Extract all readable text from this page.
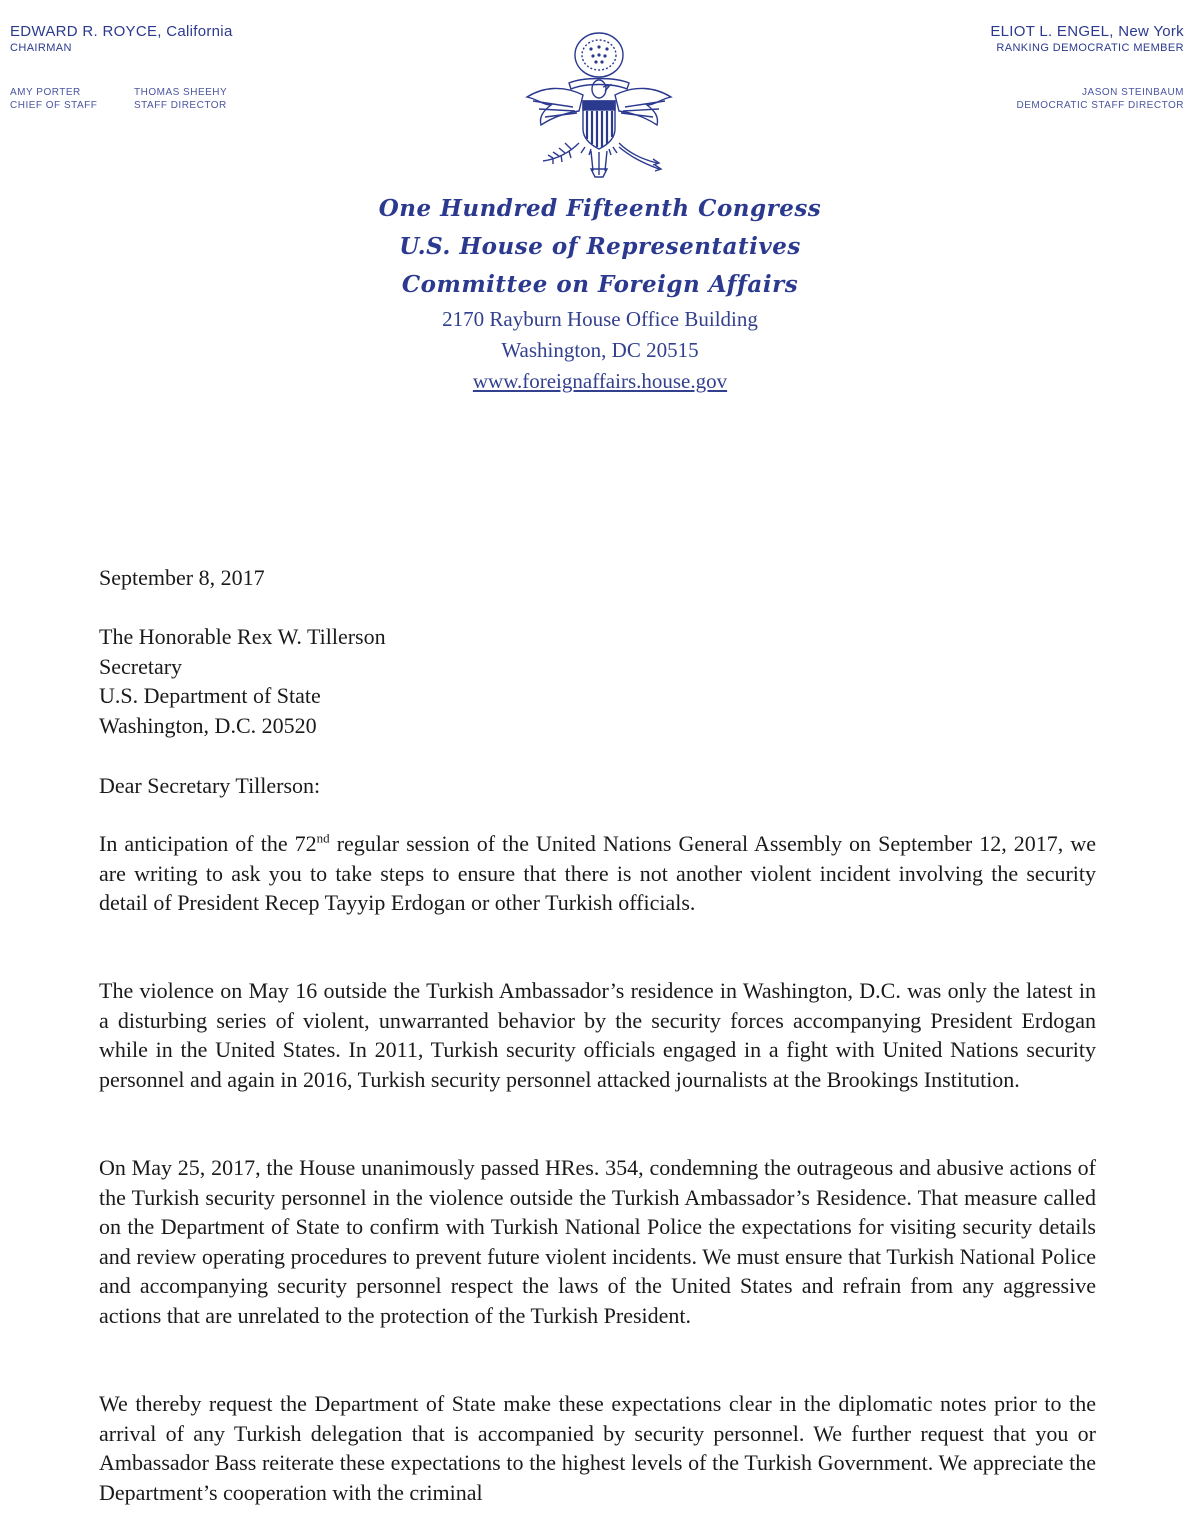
EDWARD R. ROYCE, California
CHAIRMAN
ELIOT L. ENGEL, New York
RANKING DEMOCRATIC MEMBER
AMY PORTER
CHIEF OF STAFF
THOMAS SHEEHY
STAFF DIRECTOR
JASON STEINBAUM
DEMOCRATIC STAFF DIRECTOR
One Hundred Fifteenth Congress
U.S. House of Representatives
Committee on Foreign Affairs
2170 Rayburn House Office Building
Washington, DC 20515
www.foreignaffairs.house.gov
September 8, 2017
The Honorable Rex W. Tillerson
Secretary
U.S. Department of State
Washington, D.C. 20520
Dear Secretary Tillerson:
In anticipation of the 72nd regular session of the United Nations General Assembly on September 12, 2017, we are writing to ask you to take steps to ensure that there is not another violent incident involving the security detail of President Recep Tayyip Erdogan or other Turkish officials.
The violence on May 16 outside the Turkish Ambassador’s residence in Washington, D.C. was only the latest in a disturbing series of violent, unwarranted behavior by the security forces accompanying President Erdogan while in the United States. In 2011, Turkish security officials engaged in a fight with United Nations security personnel and again in 2016, Turkish security personnel attacked journalists at the Brookings Institution.
On May 25, 2017, the House unanimously passed HRes. 354, condemning the outrageous and abusive actions of the Turkish security personnel in the violence outside the Turkish Ambassador’s Residence. That measure called on the Department of State to confirm with Turkish National Police the expectations for visiting security details and review operating procedures to prevent future violent incidents. We must ensure that Turkish National Police and accompanying security personnel respect the laws of the United States and refrain from any aggressive actions that are unrelated to the protection of the Turkish President.
We thereby request the Department of State make these expectations clear in the diplomatic notes prior to the arrival of any Turkish delegation that is accompanied by security personnel. We further request that you or Ambassador Bass reiterate these expectations to the highest levels of the Turkish Government. We appreciate the Department’s cooperation with the criminal
